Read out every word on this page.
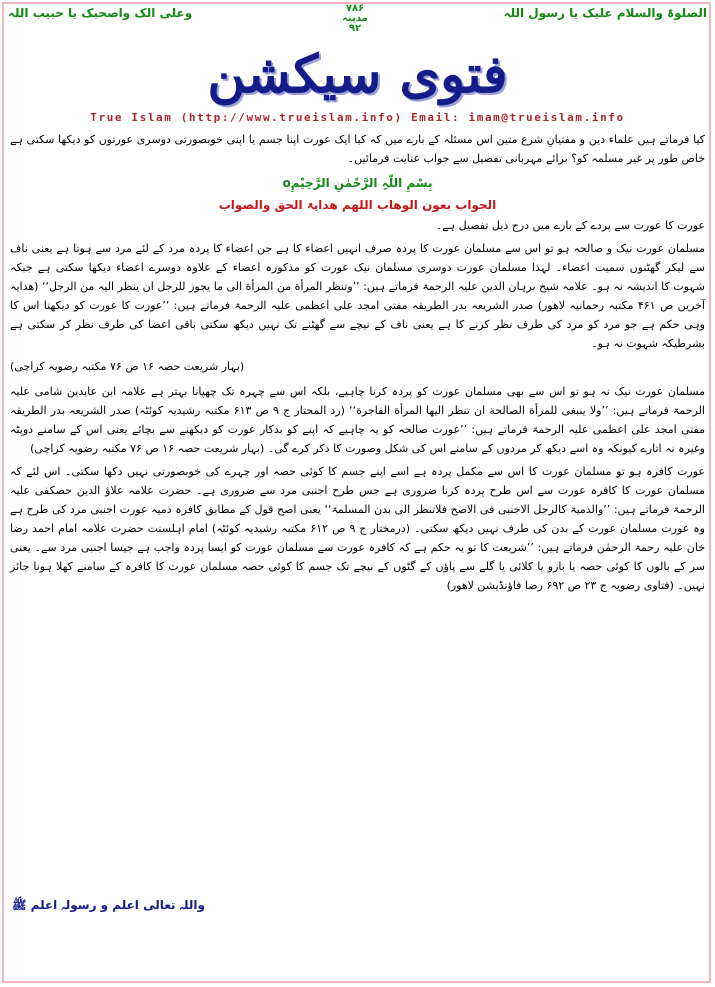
الصلوۃ والسلام علیک یا رسول اللہ
وعلی الک واصحبک یا حبیب اللہ	۷۸۶
مدینہ
۹۲
فتوی سیکشن
True Islam (http://www.trueislam.info) Email: imam@trueislam.info

کیا فرماتے ہیں علماء دین و مفتیانِ شرع متین اس مسئلہ کے بارے میں کہ کیا ایک عورت اپنا جسم یا اپنی خوبصورتی دوسری عورتوں کو دیکھا سکتی ہے خاص طور پر غیر مسلمہ کو؟ برائے مہربانی تفصیل سے جواب عنایت فرمائیں۔

بِسْمِ اللّٰہِ الرَّحْمٰنِ الرَّحِیْمِo
الجواب بعون الوھاب اللھم ھدایۃ الحق والصواب

عورت کا عورت سے پردے کے بارے میں درج ذیل تفصیل ہے۔

مسلمان عورت نیک و صالحہ ہو تو اس سے مسلمان عورت کا پردہ صرف انہیں اعضاء کا ہے جن اعضاء کا پردہ مرد کے لئے مرد سے ہوتا ہے یعنی ناف سے لیکر گھٹنوں سمیت اعضاء۔ لہذا مسلمان عورت دوسری مسلمان نیک عورت کو مذکورہ اعضاء کے علاوہ دوسرے اعضاء دیکھا سکتی ہے جبکہ شہوت کا اندیشہ نہ ہو۔ علامہ شیخ برہان الدین علیہ الرحمۃ فرماتے ہیں: ’’وتنظر المرأة من المرأة الی ما یجوز للرجل ان ینظر الیہ من الرجل‘‘ (ھدایہ آخرین ص ۴۶۱ مکتبہ رحمانیہ لاھور) صدر الشریعہ بدر الطریقہ مفتی امجد علی اعظمی علیہ الرحمۃ فرماتے ہیں: ’’عورت کا عورت کو دیکھنا اس کا وہی حکم ہے جو مرد کو مرد کی طرف نظر کرنے کا ہے یعنی ناف کے نیچے سے گھٹنے تک نہیں دیکھ سکتی باقی اعضا کی طرف نظر کر سکتی ہے بشرطیکہ شہوت نہ ہو۔

(بہار شریعت حصہ ۱۶ ص ۷۶ مکتبہ رضویہ کراچی)

مسلمان عورت نیک نہ ہو تو اس سے بھی مسلمان عورت کو پردہ کرنا چاہیے، بلکہ اس سے چہرہ تک چھپانا بہتر ہے علامہ ابن عابدین شامی علیہ الرحمۃ فرماتے ہیں: ’’ولا ینبغی للمرأة الصالحة ان تنظر الیھا المرأة الفاجرة‘‘ (رد المحتار ج ۹ ص ۶۱۳ مکتبہ رشیدیہ کوئٹہ) صدر الشریعہ بدر الطریقہ مفتی امجد علی اعظمی علیہ الرحمۃ فرماتے ہیں: ’’عورت صالحہ کو یہ چاہیے کہ اپنے کو بدکار عورت کو دیکھنے سے بچائے یعنی اس کے سامنے دوپٹہ وغیرہ نہ اتارے کیونکہ وہ اسے دیکھ کر مردوں کے سامنے اس کی شکل وصورت کا ذکر کرے گی۔ (بہار شریعت حصہ ۱۶ ص ۷۶ مکتبہ رضویہ کراچی)

عورت کافرہ ہو تو مسلمان عورت کا اس سے مکمل پردہ ہے اسے اپنے جسم کا کوئی حصہ اور چہرے کی خوبصورتی نہیں دکھا سکتی۔ اس لئے کہ مسلمان عورت کا کافرہ عورت سے اس طرح پردہ کرنا ضروری ہے جس طرح اجنبی مرد سے ضروری ہے۔ حضرت علامہ علاؤ الدین حصکفی علیہ الرحمۃ فرماتے ہیں: ’’والذمیۃ کالرجل الاجنبی فی الاصح فلاتنظر الی بدن المسلمۃ‘‘ یعنی اصح قول کے مطابق کافرہ ذمیہ عورت اجنبی مرد کی طرح ہے وہ عورت مسلمان عورت کے بدن کی طرف نہیں دیکھ سکتی۔ (درمختار ج ۹ ص ۶۱۲ مکتبہ رشیدیہ کوئٹہ) امام اہلسنت حضرت علامہ امام احمد رضا خان علیہ رحمۃ الرحمٰن فرماتے ہیں: ’’شریعت کا تو یہ حکم ہے کہ کافرہ عورت سے مسلمان عورت کو ایسا پردہ واجب ہے جیسا اجنبی مرد سے۔ یعنی سر کے بالوں کا کوئی حصہ یا بازو یا کلائی یا گلے سے پاؤں کے گٹوں کے نیچے تک جسم کا کوئی حصہ مسلمان عورت کا کافرہ کے سامنے کھلا ہونا جائز نہیں۔ (فتاوی رضویہ ج ۲۳ ص ۶۹۲ رضا فاؤنڈیشن لاھور)

واللہ تعالی اعلم و رسولہ اعلم ﷺ
